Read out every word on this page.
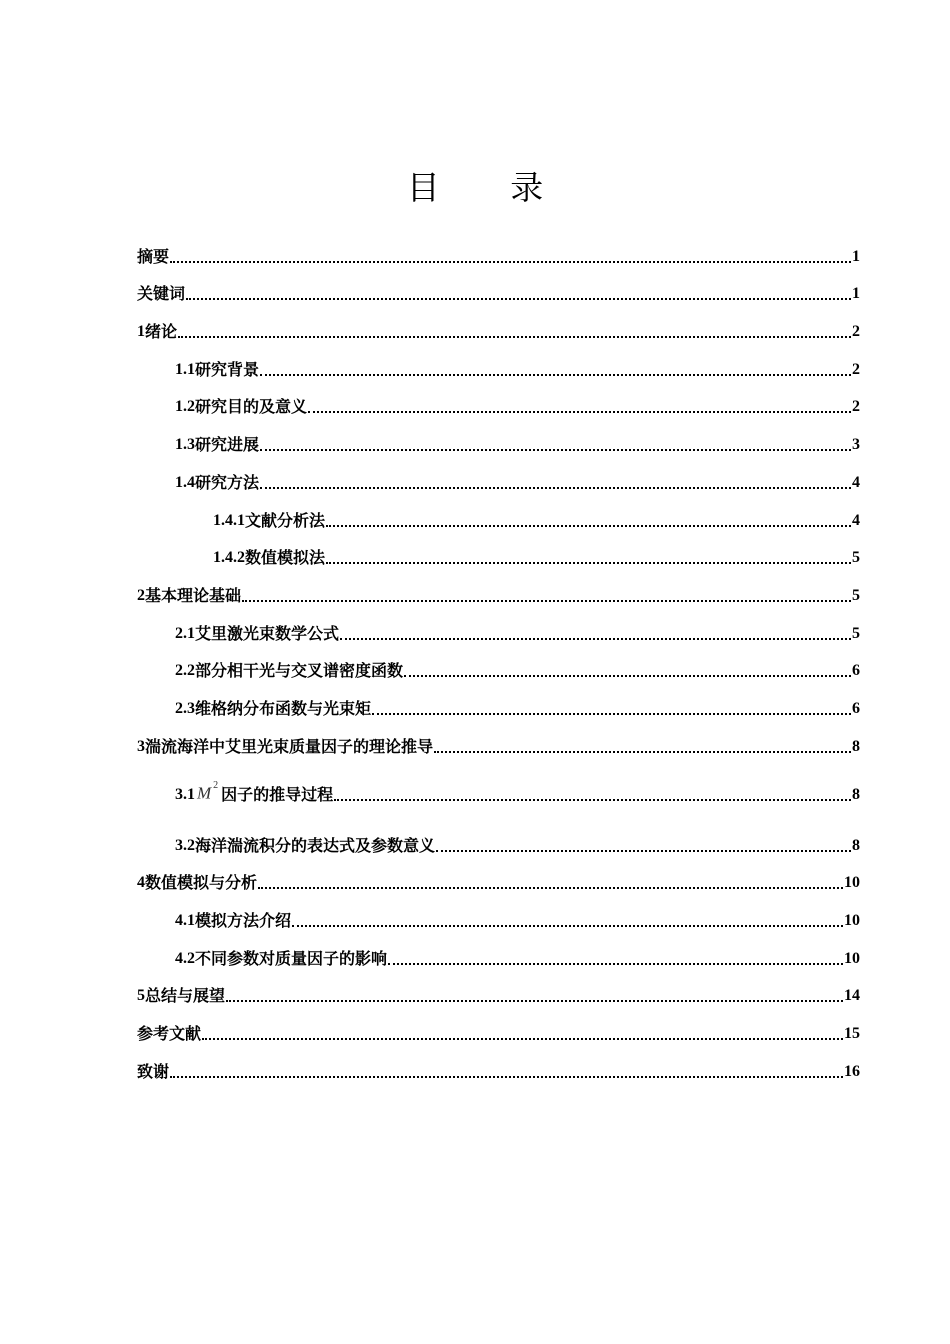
目 录
摘要	1
关键词	1
1 绪论	2
1.1 研究背景	2
1.2 研究目的及意义	2
1.3 研究进展	3
1.4 研究方法	4
1.4.1 文献分析法	4
1.4.2 数值模拟法	5
2 基本理论基础	5
2.1 艾里激光束数学公式	5
2.2 部分相干光与交叉谱密度函数	6
2.3 维格纳分布函数与光束矩	6
3 湍流海洋中艾里光束质量因子的理论推导	8
3.1 M $^2$ 因子的推导过程	8
3.2 海洋湍流积分的表达式及参数意义	8
4 数值模拟与分析	10
4.1 模拟方法介绍	10
4.2 不同参数对质量因子的影响	10
5 总结与展望	14
参考文献	15
致谢	16
